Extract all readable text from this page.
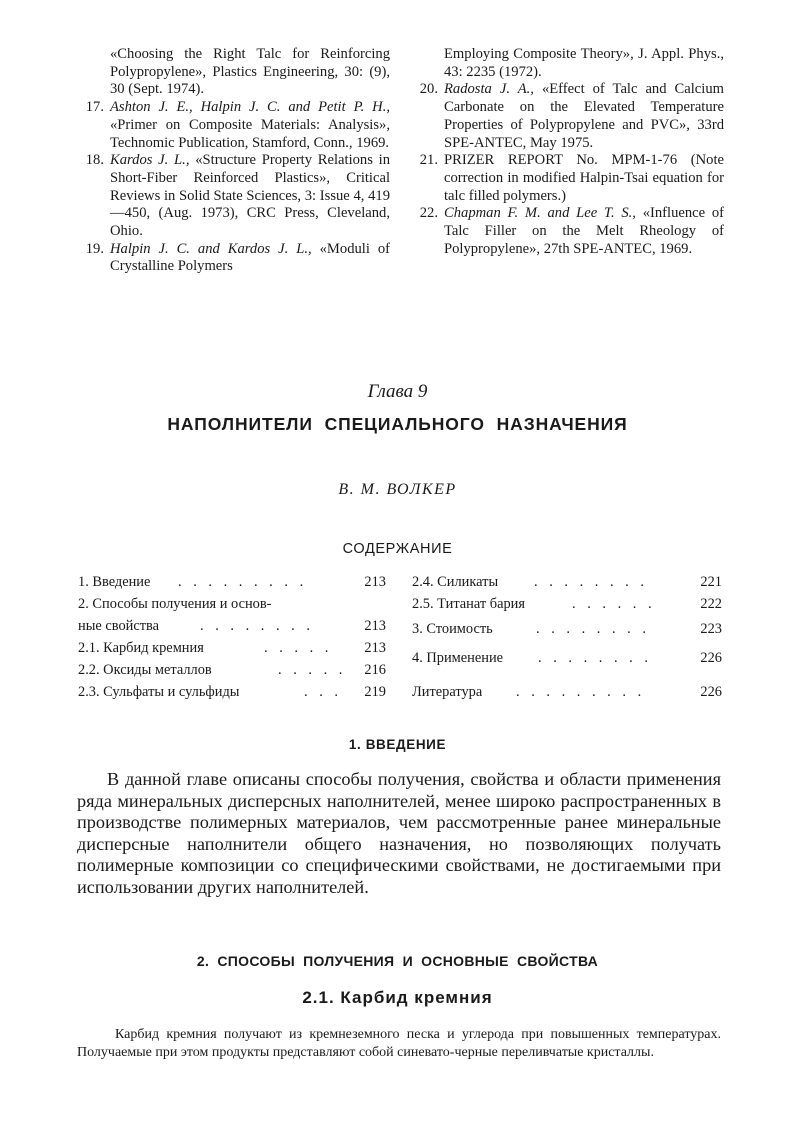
«Choosing the Right Talc for Reinforcing Polypropylene», Plastics Engineering, 30: (9), 30 (Sept. 1974).
17. Ashton J. E., Halpin J. C. and Petit P. H., «Primer on Composite Materials: Analysis», Technomic Publication, Stamford, Conn., 1969.
18. Kardos J. L., «Structure Property Relations in Short-Fiber Reinforced Plastics», Critical Reviews in Solid State Sciences, 3: Issue 4, 419—450, (Aug. 1973), CRC Press, Cleveland, Ohio.
19. Halpin J. C. and Kardos J. L., «Moduli of Crystalline Polymers
Employing Composite Theory», J. Appl. Phys., 43: 2235 (1972).
20. Radosta J. A., «Effect of Talc and Calcium Carbonate on the Elevated Temperature Properties of Polypropylene and PVC», 33rd SPE-ANTEC, May 1975.
21. PRIZER REPORT No. MPM-1-76 (Note correction in modified Halpin-Tsai equation for talc filled polymers.)
22. Chapman F. M. and Lee T. S., «Influence of Talc Filler on the Melt Rheology of Polypropylene», 27th SPE-ANTEC, 1969.
Глава 9
НАПОЛНИТЕЛИ СПЕЦИАЛЬНОГО НАЗНАЧЕНИЯ
В. М. ВОЛКЕР
СОДЕРЖАНИЕ
1. Введение . . . . . . . . .	213
2. Способы получения и основ-
ные свойства	. . . . . . . .	213
2.1. Карбид кремния	. . . . . 213
2.2. Оксиды металлов	. . . . . 216
2.3. Сульфаты и сульфиды	. . . 219
2.4. Силикаты . . . . . . . .	221
2.5. Титанат бария	. . . . . .	222
3. Стоимость	. . . . . . . .	223
4. Применение . . . . . . . .	226
Литература . . . . . . . . .	226
1. ВВЕДЕНИЕ
В данной главе описаны способы получения, свойства и области применения ряда минеральных дисперсных наполнителей, менее широко распространенных в производстве полимерных материалов, чем рассмотренные ранее минеральные дисперсные наполнители общего назначения, но позволяющих получать полимерные композиции со специфическими свойствами, не достигаемыми при использовании других наполнителей.
2. СПОСОБЫ ПОЛУЧЕНИЯ И ОСНОВНЫЕ СВОЙСТВА
2.1. Карбид кремния
Карбид кремния получают из кремнеземного песка и углерода при повышенных температурах. Получаемые при этом продукты представляют собой синевато-черные переливчатые кристаллы.
